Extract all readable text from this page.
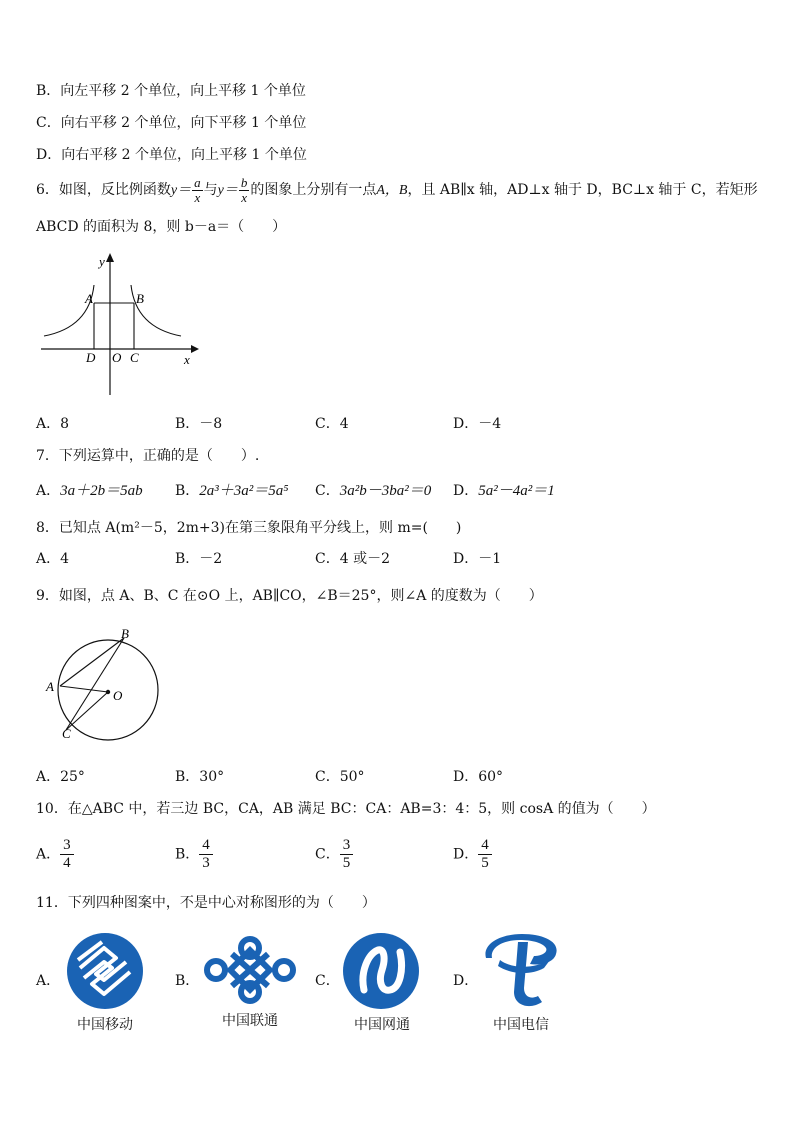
B．向左平移 2 个单位，向上平移 1 个单位
C．向右平移 2 个单位，向下平移 1 个单位
D．向右平移 2 个单位，向上平移 1 个单位
6．如图，反比例函数$y= \frac{a}{x}$ 与$y= \frac{b}{x}$ 的图象上分别有一点A，B，且 AB∥x 轴，AD⊥x 轴于 D，BC⊥x 轴于 C，若矩形
ABCD 的面积为 8，则 b－a＝（　　）
y
x
A	B
D O C
A．8	B．－8	C．4	D．－4
7．下列运算中，正确的是（　　）.
A．3a＋2b＝5ab B．2a³＋3a²＝5a⁵ C．3a²b－3ba²＝0 D．5a²－4a²＝1
8．已知点 A(m²－5，2m+3)在第三象限角平分线上，则 m=(　　)
A．4	B．－2	C．4 或－2	D．－1
9．如图，点 A、B、C 在⊙O 上，AB∥CO，∠B＝25°，则∠A 的度数为（　　）
A
B
C
O
A．25°	B．30°	C．50°	D．60°
10．在△ABC 中，若三边 BC，CA，AB 满足 BC：CA：AB=3：4：5，则 cosA 的值为（　　）
A． $\frac{3}{4}$	B． $\frac{4}{3}$	C． $\frac{3}{5}$	D． $\frac{4}{5}$
11．下列四种图案中，不是中心对称图形的为（　　）
A．	B．	C．	D．
中国移动	中国联通	中国网通	中国电信
